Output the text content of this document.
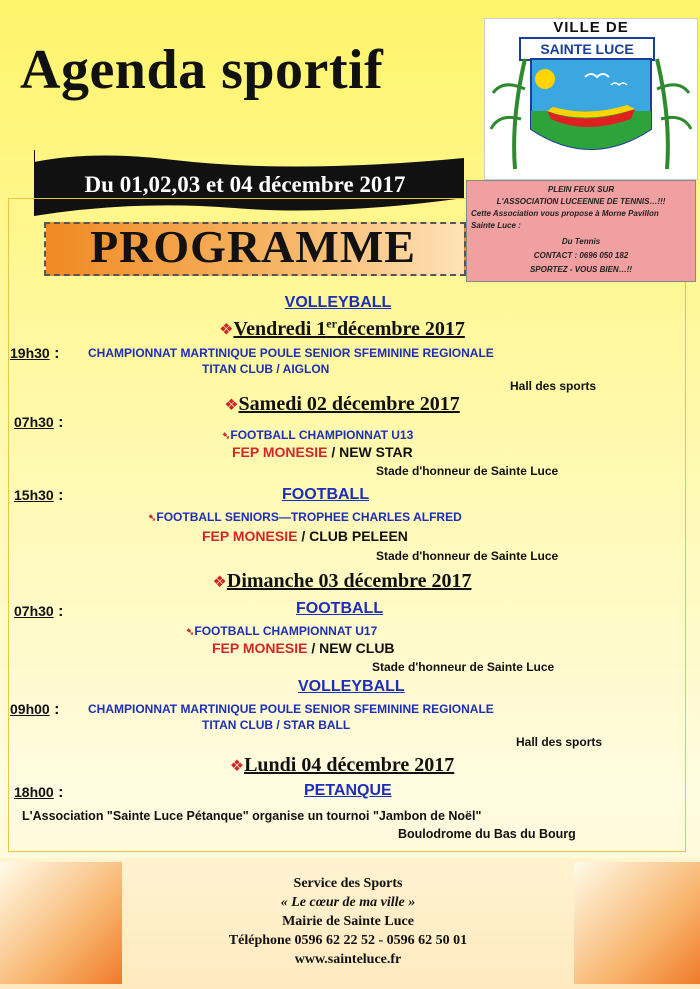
Agenda sportif
VILLE DE
SAINTE LUCE
Du 01,02,03 et 04 décembre 2017
PROGRAMME
PLEIN FEUX SUR
L'ASSOCIATION LUCEENNE DE TENNIS…!!!
Cette Association vous propose à Morne Pavillon
Sainte Luce :
Du Tennis
CONTACT : 0696 050 182
SPORTEZ - VOUS BIEN…!!
VOLLEYBALL
❖Vendredi 1erdécembre 2017
19h30 : CHAMPIONNAT MARTINIQUE POULE SENIOR SFEMININE REGIONALE
TITAN CLUB / AIGLON
Hall des sports
❖Samedi 02 décembre 2017
07h30 :
➷FOOTBALL CHAMPIONNAT U13
FEP MONESIE / NEW STAR
Stade d'honneur de Sainte Luce
15h30 :	FOOTBALL
➷FOOTBALL SENIORS—TROPHEE CHARLES ALFRED
FEP MONESIE / CLUB PELEEN
Stade d'honneur de Sainte Luce
❖Dimanche 03 décembre 2017
07h30 :	FOOTBALL
➷FOOTBALL CHAMPIONNAT U17
FEP MONESIE / NEW CLUB
Stade d'honneur de Sainte Luce
VOLLEYBALL
09h00 : CHAMPIONNAT MARTINIQUE POULE SENIOR SFEMININE REGIONALE
TITAN CLUB / STAR BALL
Hall des sports
❖Lundi 04 décembre 2017
18h00 :	PETANQUE
L'Association "Sainte Luce Pétanque" organise un tournoi "Jambon de Noël"
Boulodrome du Bas du Bourg
Service des Sports
« Le cœur de ma ville »
Mairie de Sainte Luce
Téléphone 0596 62 22 52 - 0596 62 50 01
www.sainteluce.fr
